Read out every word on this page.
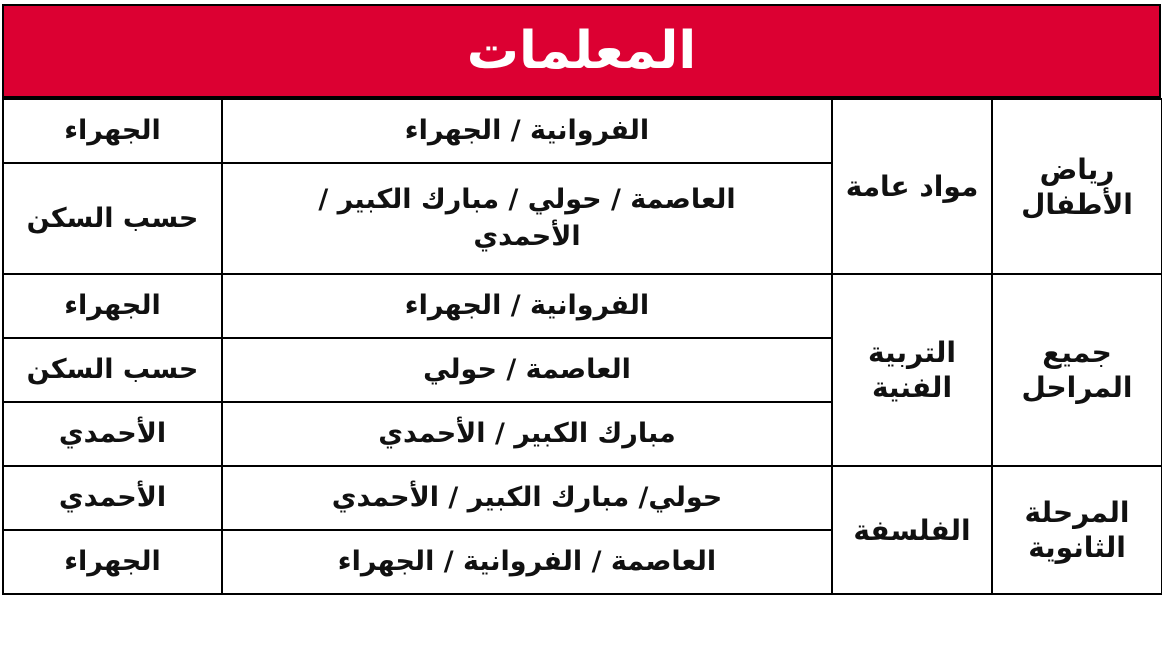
المعلمات
رياض الأطفال	مواد عامة	الفروانية / الجهراء	الجهراء
		العاصمة / حولي / مبارك الكبير / الأحمدي	حسب السكن
جميع المراحل	التربية الفنية	الفروانية / الجهراء	الجهراء
		العاصمة / حولي	حسب السكن
		مبارك الكبير / الأحمدي	الأحمدي
المرحلة الثانوية	الفلسفة	حولي/ مبارك الكبير / الأحمدي	الأحمدي
		العاصمة / الفروانية / الجهراء	الجهراء
